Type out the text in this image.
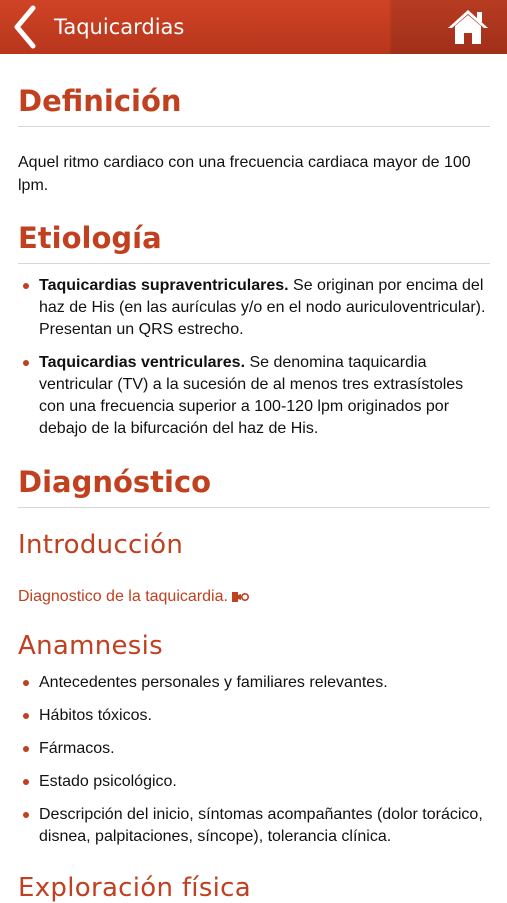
Taquicardias
Definición

Aquel ritmo cardiaco con una frecuencia cardiaca mayor de 100 lpm.

Etiología
Taquicardias supraventriculares. Se originan por encima del haz de His (en las aurículas y/o en el nodo auriculoventricular). Presentan un QRS estrecho.
Taquicardias ventriculares. Se denomina taquicardia ventricular (TV) a la sucesión de al menos tres extrasístoles con una frecuencia superior a 100-120 lpm originados por debajo de la bifurcación del haz de His.
Diagnóstico
Introducción
Diagnostico de la taquicardia.
Anamnesis
Antecedentes personales y familiares relevantes.
Hábitos tóxicos.
Fármacos.
Estado psicológico.
Descripción del inicio, síntomas acompañantes (dolor torácico, disnea, palpitaciones, síncope), tolerancia clínica.
Exploración física
